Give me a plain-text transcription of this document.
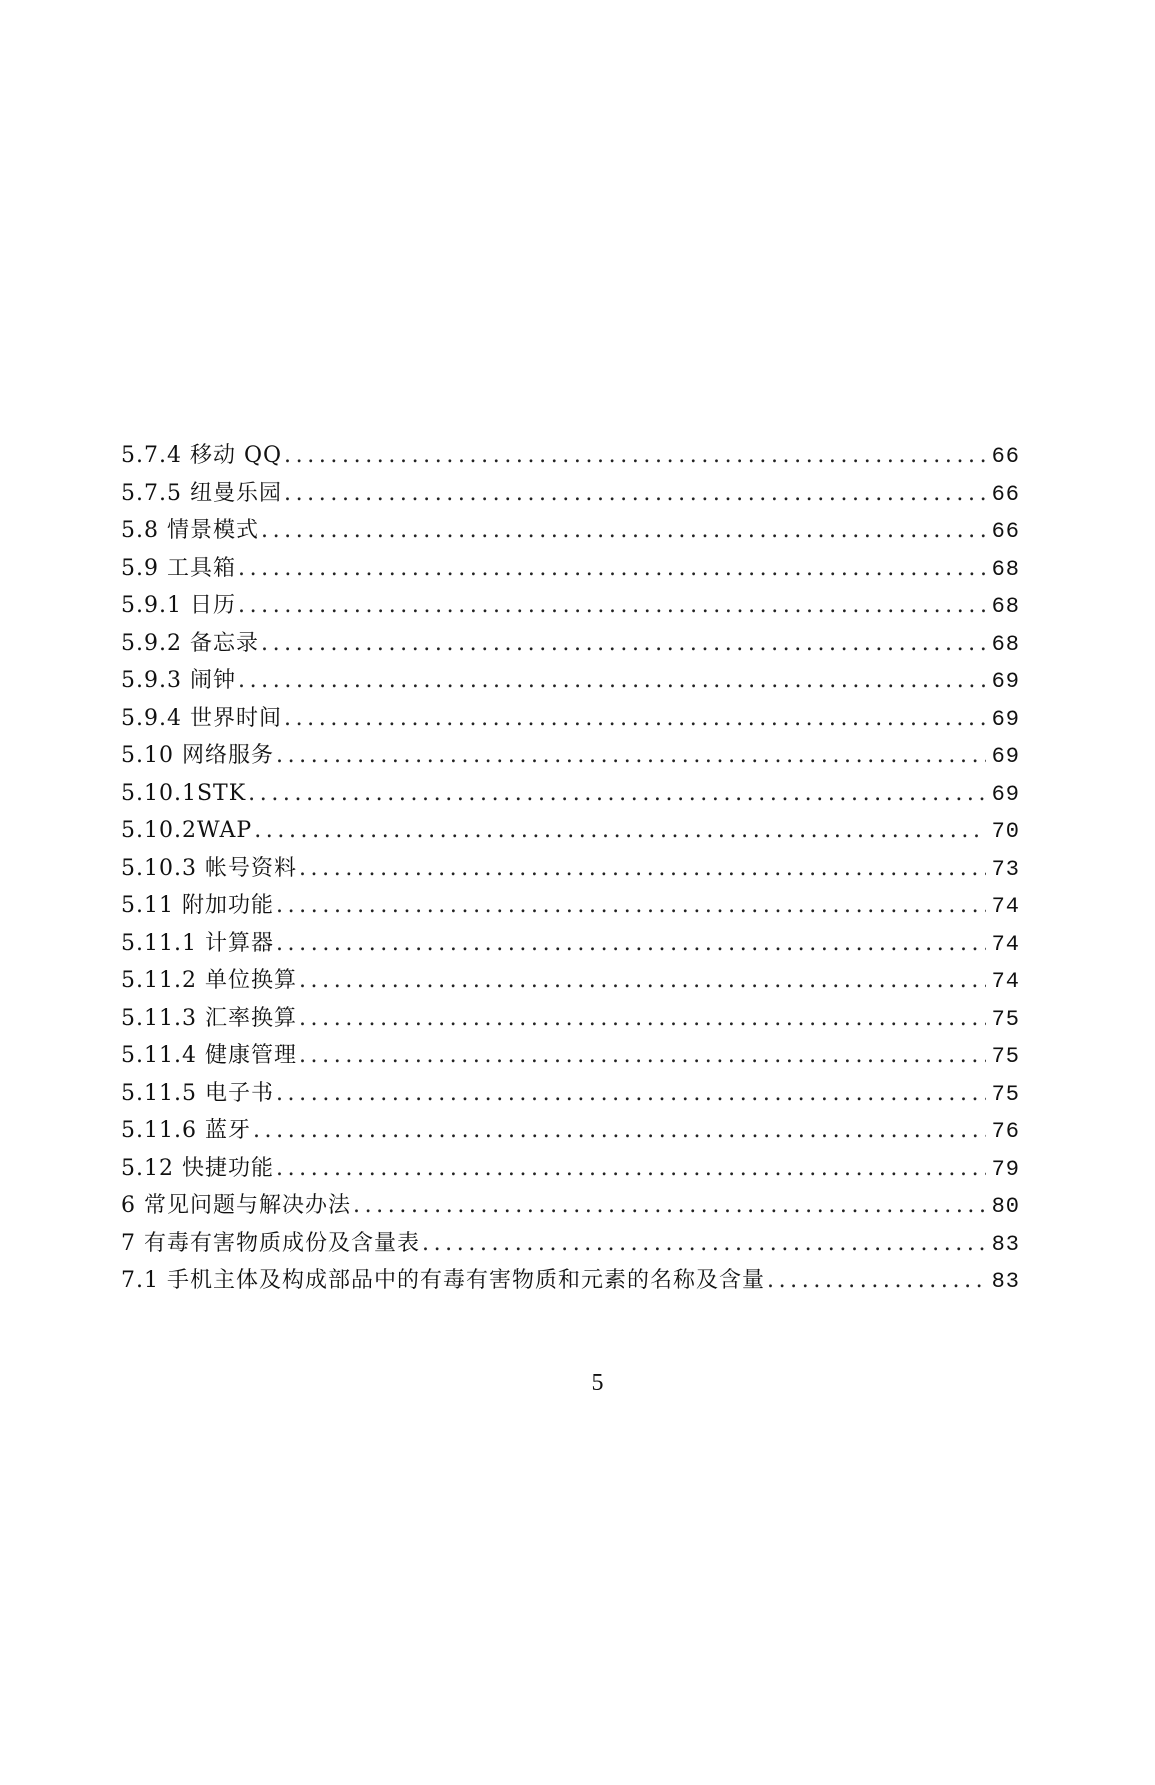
5.7.4 移动 QQ .....	66
5.7.5 纽曼乐园 .....	66
5.8 情景模式 .....	66
5.9 工具箱 .....	68
5.9.1 日历 .....	68
5.9.2 备忘录 .....	68
5.9.3 闹钟 .....	69
5.9.4 世界时间 .....	69
5.10 网络服务 .....	69
5.10.1STK .....	69
5.10.2WAP .....	70
5.10.3 帐号资料 .....	73
5.11 附加功能 .....	74
5.11.1 计算器 .....	74
5.11.2 单位换算 .....	74
5.11.3 汇率换算 .....	75
5.11.4 健康管理 .....	75
5.11.5 电子书 .....	75
5.11.6 蓝牙 .....	76
5.12 快捷功能 .....	79
6 常见问题与解决办法 .....	80
7 有毒有害物质成份及含量表 .....	83
7.1 手机主体及构成部品中的有毒有害物质和元素的名称及含量 .....	83
5
